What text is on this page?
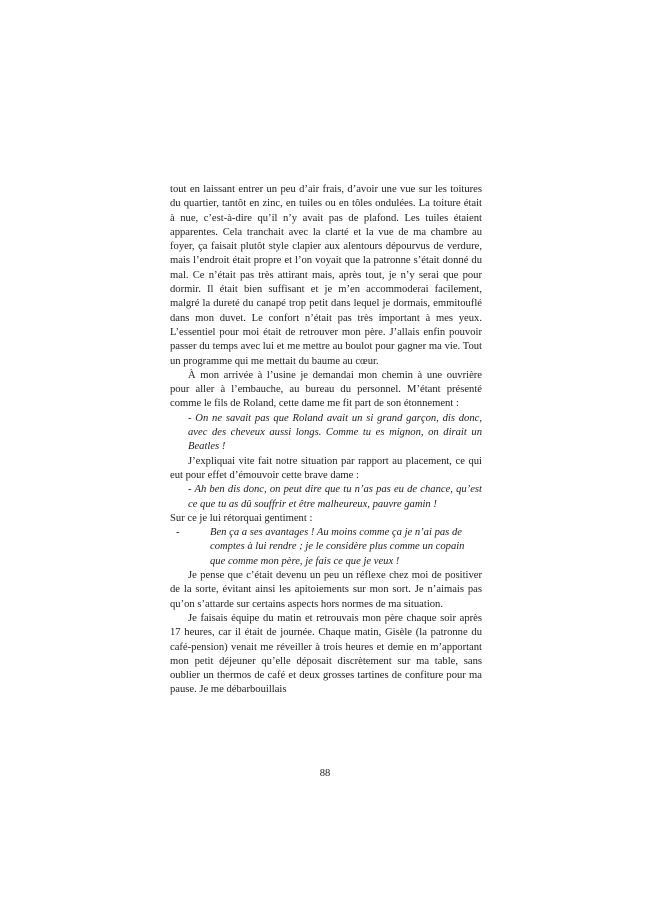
tout en laissant entrer un peu d’air frais, d’avoir une vue sur les toitures du quartier, tantôt en zinc, en tuiles ou en tôles ondulées. La toiture était à nue, c’est-à-dire qu’il n’y avait pas de plafond. Les tuiles étaient apparentes. Cela tranchait avec la clarté et la vue de ma chambre au foyer, ça faisait plutôt style clapier aux alentours dépourvus de verdure, mais l’endroit était propre et l’on voyait que la patronne s’était donné du mal. Ce n’était pas très attirant mais, après tout, je n’y serai que pour dormir. Il était bien suffisant et je m’en accommoderai facilement, malgré la dureté du canapé trop petit dans lequel je dormais, emmitouflé dans mon duvet. Le confort n’était pas très important à mes yeux. L’essentiel pour moi était de retrouver mon père. J’allais enfin pouvoir passer du temps avec lui et me mettre au boulot pour gagner ma vie. Tout un programme qui me mettait du baume au cœur.

À mon arrivée à l’usine je demandai mon chemin à une ouvrière pour aller à l’embauche, au bureau du personnel. M’étant présenté comme le fils de Roland, cette dame me fit part de son étonnement :

- On ne savait pas que Roland avait un si grand garçon, dis donc, avec des cheveux aussi longs. Comme tu es mignon, on dirait un Beatles !

J’expliquai vite fait notre situation par rapport au placement, ce qui eut pour effet d’émouvoir cette brave dame :

- Ah ben dis donc, on peut dire que tu n’as pas eu de chance, qu’est ce que tu as dû souffrir et être malheureux, pauvre gamin !

Sur ce je lui rétorquai gentiment :

-	Ben ça a ses avantages ! Au moins comme ça je n’ai pas de comptes à lui rendre ; je le considère plus comme un copain que comme mon père, je fais ce que je veux !

Je pense que c’était devenu un peu un réflexe chez moi de positiver de la sorte, évitant ainsi les apitoiements sur mon sort. Je n’aimais pas qu’on s’attarde sur certains aspects hors normes de ma situation.

Je faisais équipe du matin et retrouvais mon père chaque soir après 17 heures, car il était de journée. Chaque matin, Gisèle (la patronne du café-pension) venait me réveiller à trois heures et demie en m’apportant mon petit déjeuner qu’elle déposait discrètement sur ma table, sans oublier un thermos de café et deux grosses tartines de confiture pour ma pause. Je me débarbouillais

88
